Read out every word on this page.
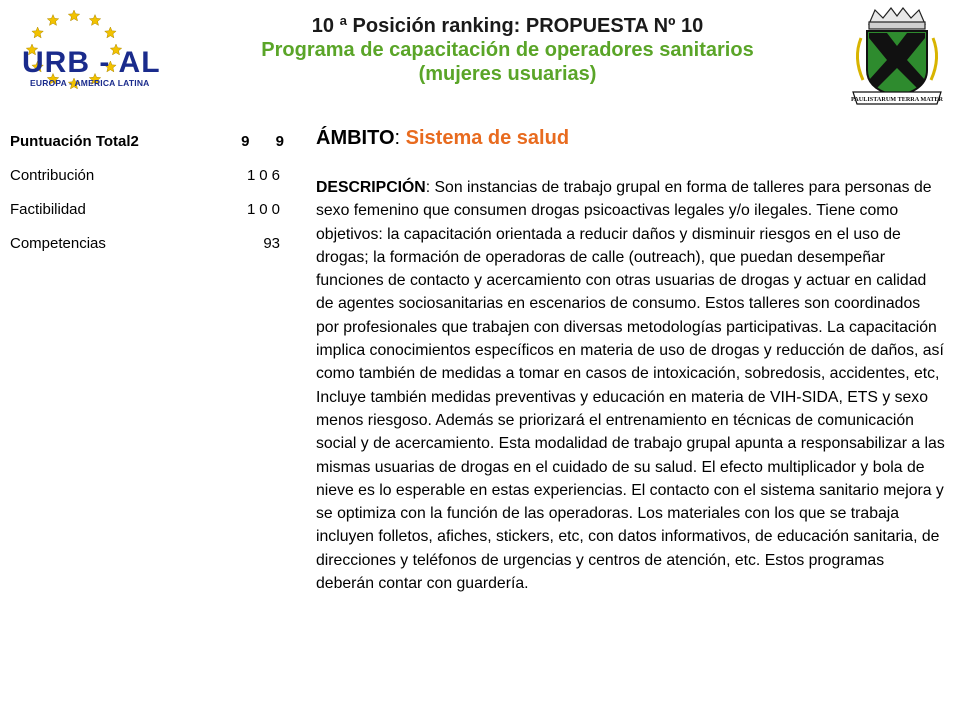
URB - AL
EUROPA - AMERICA LATINA
PAULISTARUM TERRA MATER
10 ª Posición ranking: PROPUESTA Nº 10
Programa de capacitación de operadores sanitarios
(mujeres usuarias)
Puntuación Total2	9 9
Contribución	106
Factibilidad	100
Competencias	93
ÁMBITO: Sistema de salud
DESCRIPCIÓN: Son instancias de trabajo grupal en forma de talleres para personas de sexo femenino que consumen drogas psicoactivas legales y/o ilegales. Tiene como objetivos: la capacitación orientada a reducir daños y disminuir riesgos en el uso de drogas; la formación de operadoras de calle (outreach), que puedan desempeñar funciones de contacto y acercamiento con otras usuarias de drogas y actuar en calidad de agentes sociosanitarias en escenarios de consumo. Estos talleres son coordinados por profesionales que trabajen con diversas metodologías participativas. La capacitación implica conocimientos específicos en materia de uso de drogas y reducción de daños, así como también de medidas a tomar en casos de intoxicación, sobredosis, accidentes, etc, Incluye también medidas preventivas y educación en materia de VIH-SIDA, ETS y sexo menos riesgoso. Además se priorizará el entrenamiento en técnicas de comunicación social y de acercamiento. Esta modalidad de trabajo grupal apunta a responsabilizar a las mismas usuarias de drogas en el cuidado de su salud. El efecto multiplicador y bola de nieve es lo esperable en estas experiencias. El contacto con el sistema sanitario mejora y se optimiza con la función de las operadoras. Los materiales con los que se trabaja incluyen folletos, afiches, stickers, etc, con datos informativos, de educación sanitaria, de direcciones y teléfonos de urgencias y centros de atención, etc. Estos programas deberán contar con guardería.
